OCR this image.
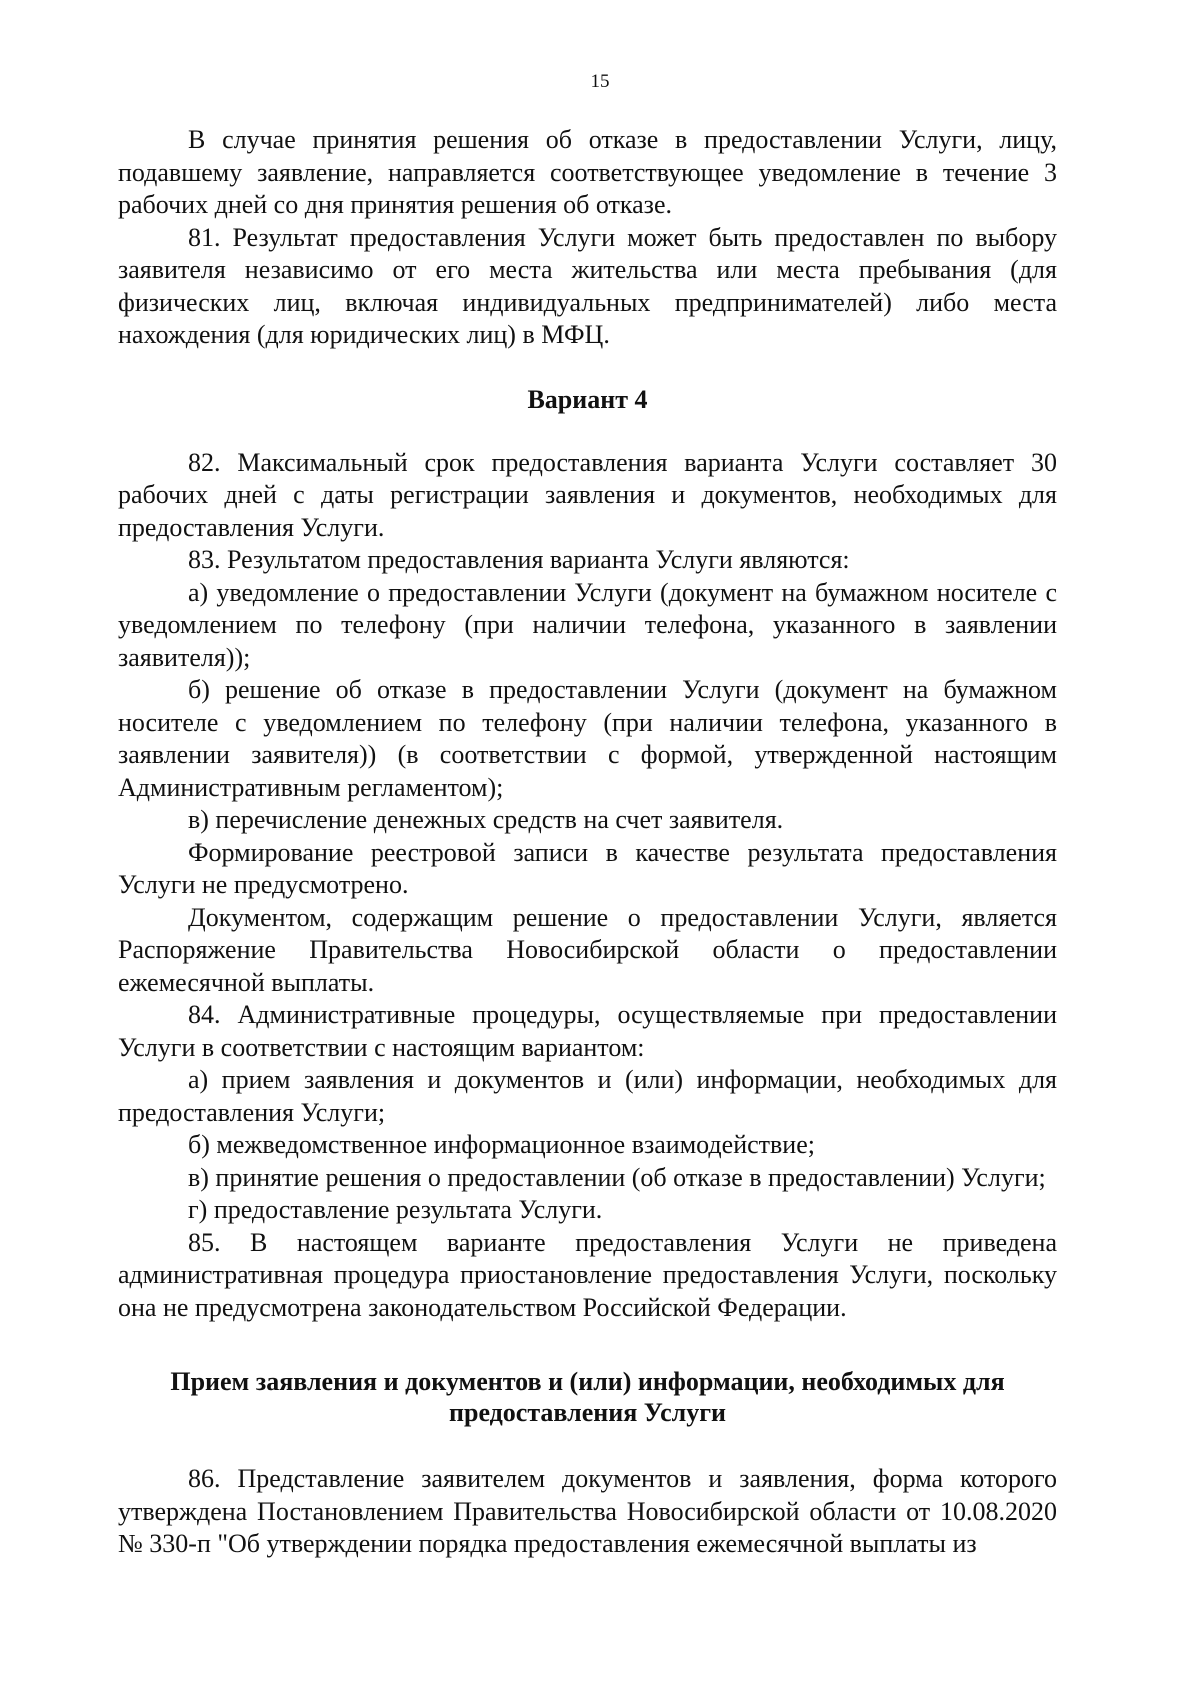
15

В случае принятия решения об отказе в предоставлении Услуги, лицу, подавшему заявление, направляется соответствующее уведомление в течение 3 рабочих дней со дня принятия решения об отказе.

81. Результат предоставления Услуги может быть предоставлен по выбору заявителя независимо от его места жительства или места пребывания (для физических лиц, включая индивидуальных предпринимателей) либо места нахождения (для юридических лиц) в МФЦ.

Вариант 4

82. Максимальный срок предоставления варианта Услуги составляет 30 рабочих дней с даты регистрации заявления и документов, необходимых для предоставления Услуги.

83. Результатом предоставления варианта Услуги являются:

а) уведомление о предоставлении Услуги (документ на бумажном носителе с уведомлением по телефону (при наличии телефона, указанного в заявлении заявителя));

б) решение об отказе в предоставлении Услуги (документ на бумажном носителе с уведомлением по телефону (при наличии телефона, указанного в заявлении заявителя)) (в соответствии с формой, утвержденной настоящим Административным регламентом);

в) перечисление денежных средств на счет заявителя.

Формирование реестровой записи в качестве результата предоставления Услуги не предусмотрено.

Документом, содержащим решение о предоставлении Услуги, является Распоряжение Правительства Новосибирской области о предоставлении ежемесячной выплаты.

84. Административные процедуры, осуществляемые при предоставлении Услуги в соответствии с настоящим вариантом:

а) прием заявления и документов и (или) информации, необходимых для предоставления Услуги;

б) межведомственное информационное взаимодействие;

в) принятие решения о предоставлении (об отказе в предоставлении) Услуги;

г) предоставление результата Услуги.

85. В настоящем варианте предоставления Услуги не приведена административная процедура приостановление предоставления Услуги, поскольку она не предусмотрена законодательством Российской Федерации.

Прием заявления и документов и (или) информации, необходимых для предоставления Услуги

86. Представление заявителем документов и заявления, форма которого утверждена Постановлением Правительства Новосибирской области от 10.08.2020 № 330-п "Об утверждении порядка предоставления ежемесячной выплаты из
